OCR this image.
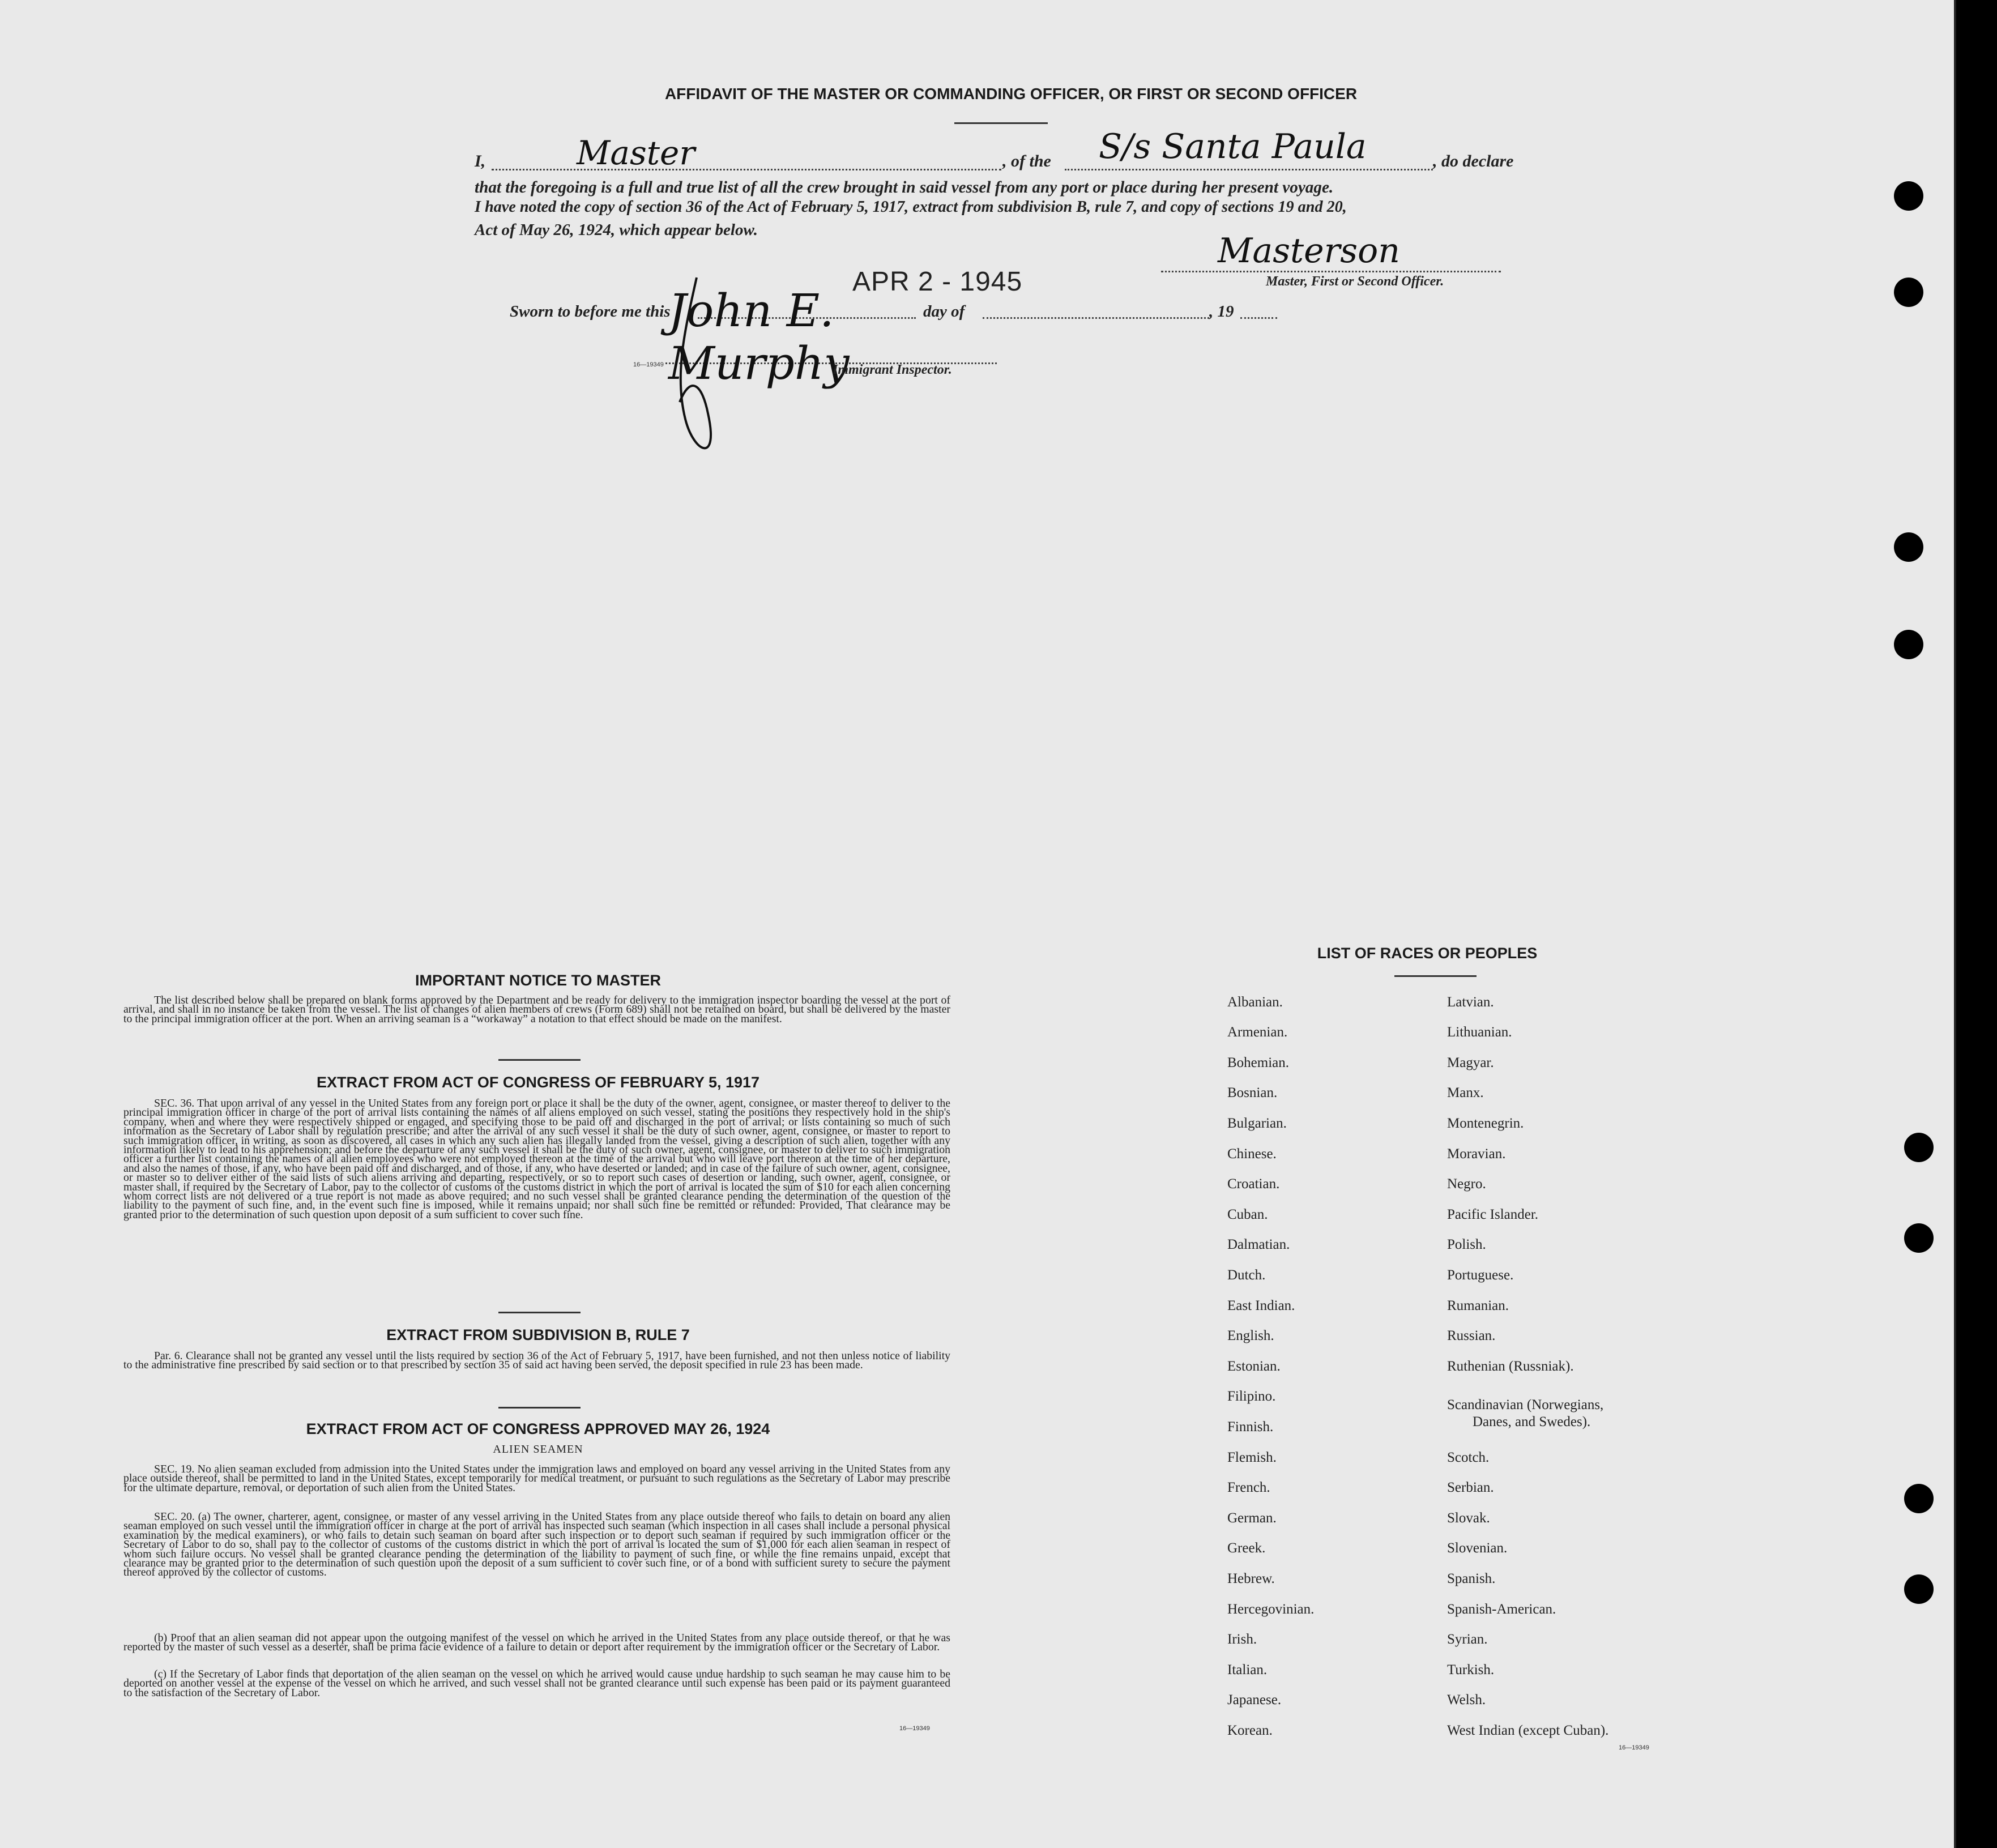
AFFIDAVIT OF THE MASTER OR COMMANDING OFFICER, OR FIRST OR SECOND OFFICER
I,	Master	, of the S/s Santa Paula	, do declare
that the foregoing is a full and true list of all the crew brought in said vessel from any port or place during her present voyage.
I have noted the copy of section 36 of the Act of February 5, 1917, extract from subdivision B, rule 7, and copy of sections 19 and 20,
Act of May 26, 1924, which appear below.
Masterson
Master, First or Second Officer.
APR 2 - 1945
Sworn to before me this	day of	, 19
16—19349
John E. Murphy
Immigrant Inspector.
IMPORTANT NOTICE TO MASTER
The list described below shall be prepared on blank forms approved by the Department and be ready for delivery to the immigration inspector boarding the vessel at the port of arrival, and shall in no instance be taken from the vessel. The list of changes of alien members of crews (Form 689) shall not be retained on board, but shall be delivered by the master to the principal immigration officer at the port. When an arriving seaman is a “workaway” a notation to that effect should be made on the manifest.
EXTRACT FROM ACT OF CONGRESS OF FEBRUARY 5, 1917
SEC. 36. That upon arrival of any vessel in the United States from any foreign port or place it shall be the duty of the owner, agent, consignee, or master thereof to deliver to the principal immigration officer in charge of the port of arrival lists containing the names of all aliens employed on such vessel, stating the positions they respectively hold in the ship's company, when and where they were respectively shipped or engaged, and specifying those to be paid off and discharged in the port of arrival; or lists containing so much of such information as the Secretary of Labor shall by regulation prescribe; and after the arrival of any such vessel it shall be the duty of such owner, agent, consignee, or master to report to such immigration officer, in writing, as soon as discovered, all cases in which any such alien has illegally landed from the vessel, giving a description of such alien, together with any information likely to lead to his apprehension; and before the departure of any such vessel it shall be the duty of such owner, agent, consignee, or master to deliver to such immigration officer a further list containing the names of all alien employees who were not employed thereon at the time of the arrival but who will leave port thereon at the time of her departure, and also the names of those, if any, who have been paid off and discharged, and of those, if any, who have deserted or landed; and in case of the failure of such owner, agent, consignee, or master so to deliver either of the said lists of such aliens arriving and departing, respectively, or so to report such cases of desertion or landing, such owner, agent, consignee, or master shall, if required by the Secretary of Labor, pay to the collector of customs of the customs district in which the port of arrival is located the sum of $10 for each alien concerning whom correct lists are not delivered or a true report is not made as above required; and no such vessel shall be granted clearance pending the determination of the question of the liability to the payment of such fine, and, in the event such fine is imposed, while it remains unpaid; nor shall such fine be remitted or refunded: Provided, That clearance may be granted prior to the determination of such question upon deposit of a sum sufficient to cover such fine.
EXTRACT FROM SUBDIVISION B, RULE 7
Par. 6. Clearance shall not be granted any vessel until the lists required by section 36 of the Act of February 5, 1917, have been furnished, and not then unless notice of liability to the administrative fine prescribed by said section or to that prescribed by section 35 of said act having been served, the deposit specified in rule 23 has been made.
EXTRACT FROM ACT OF CONGRESS APPROVED MAY 26, 1924
ALIEN SEAMEN
SEC. 19. No alien seaman excluded from admission into the United States under the immigration laws and employed on board any vessel arriving in the United States from any place outside thereof, shall be permitted to land in the United States, except temporarily for medical treatment, or pursuant to such regulations as the Secretary of Labor may prescribe for the ultimate departure, removal, or deportation of such alien from the United States.
SEC. 20. (a) The owner, charterer, agent, consignee, or master of any vessel arriving in the United States from any place outside thereof who fails to detain on board any alien seaman employed on such vessel until the immigration officer in charge at the port of arrival has inspected such seaman (which inspection in all cases shall include a personal physical examination by the medical examiners), or who fails to detain such seaman on board after such inspection or to deport such seaman if required by such immigration officer or the Secretary of Labor to do so, shall pay to the collector of customs of the customs district in which the port of arrival is located the sum of $1,000 for each alien seaman in respect of whom such failure occurs. No vessel shall be granted clearance pending the determination of the liability to payment of such fine, or while the fine remains unpaid, except that clearance may be granted prior to the determination of such question upon the deposit of a sum sufficient to cover such fine, or of a bond with sufficient surety to secure the payment thereof approved by the collector of customs.
(b) Proof that an alien seaman did not appear upon the outgoing manifest of the vessel on which he arrived in the United States from any place outside thereof, or that he was reported by the master of such vessel as a deserter, shall be prima facie evidence of a failure to detain or deport after requirement by the immigration officer or the Secretary of Labor.
(c) If the Secretary of Labor finds that deportation of the alien seaman on the vessel on which he arrived would cause undue hardship to such seaman he may cause him to be deported on another vessel at the expense of the vessel on which he arrived, and such vessel shall not be granted clearance until such expense has been paid or its payment guaranteed to the satisfaction of the Secretary of Labor.
16—19349
LIST OF RACES OR PEOPLES
Albanian.
Armenian.
Bohemian.
Bosnian.
Bulgarian.
Chinese.
Croatian.
Cuban.
Dalmatian.
Dutch.
East Indian.
English.
Estonian.
Filipino.
Finnish.
Flemish.
French.
German.
Greek.
Hebrew.
Hercegovinian.
Irish.
Italian.
Japanese.
Korean.
Latvian.
Lithuanian.
Magyar.
Manx.
Montenegrin.
Moravian.
Negro.
Pacific Islander.
Polish.
Portuguese.
Rumanian.
Russian.
Ruthenian (Russniak).
Scandinavian (Norwegians,
Danes, and Swedes).
Scotch.
Serbian.
Slovak.
Slovenian.
Spanish.
Spanish-American.
Syrian.
Turkish.
Welsh.
West Indian (except Cuban).
16—19349
